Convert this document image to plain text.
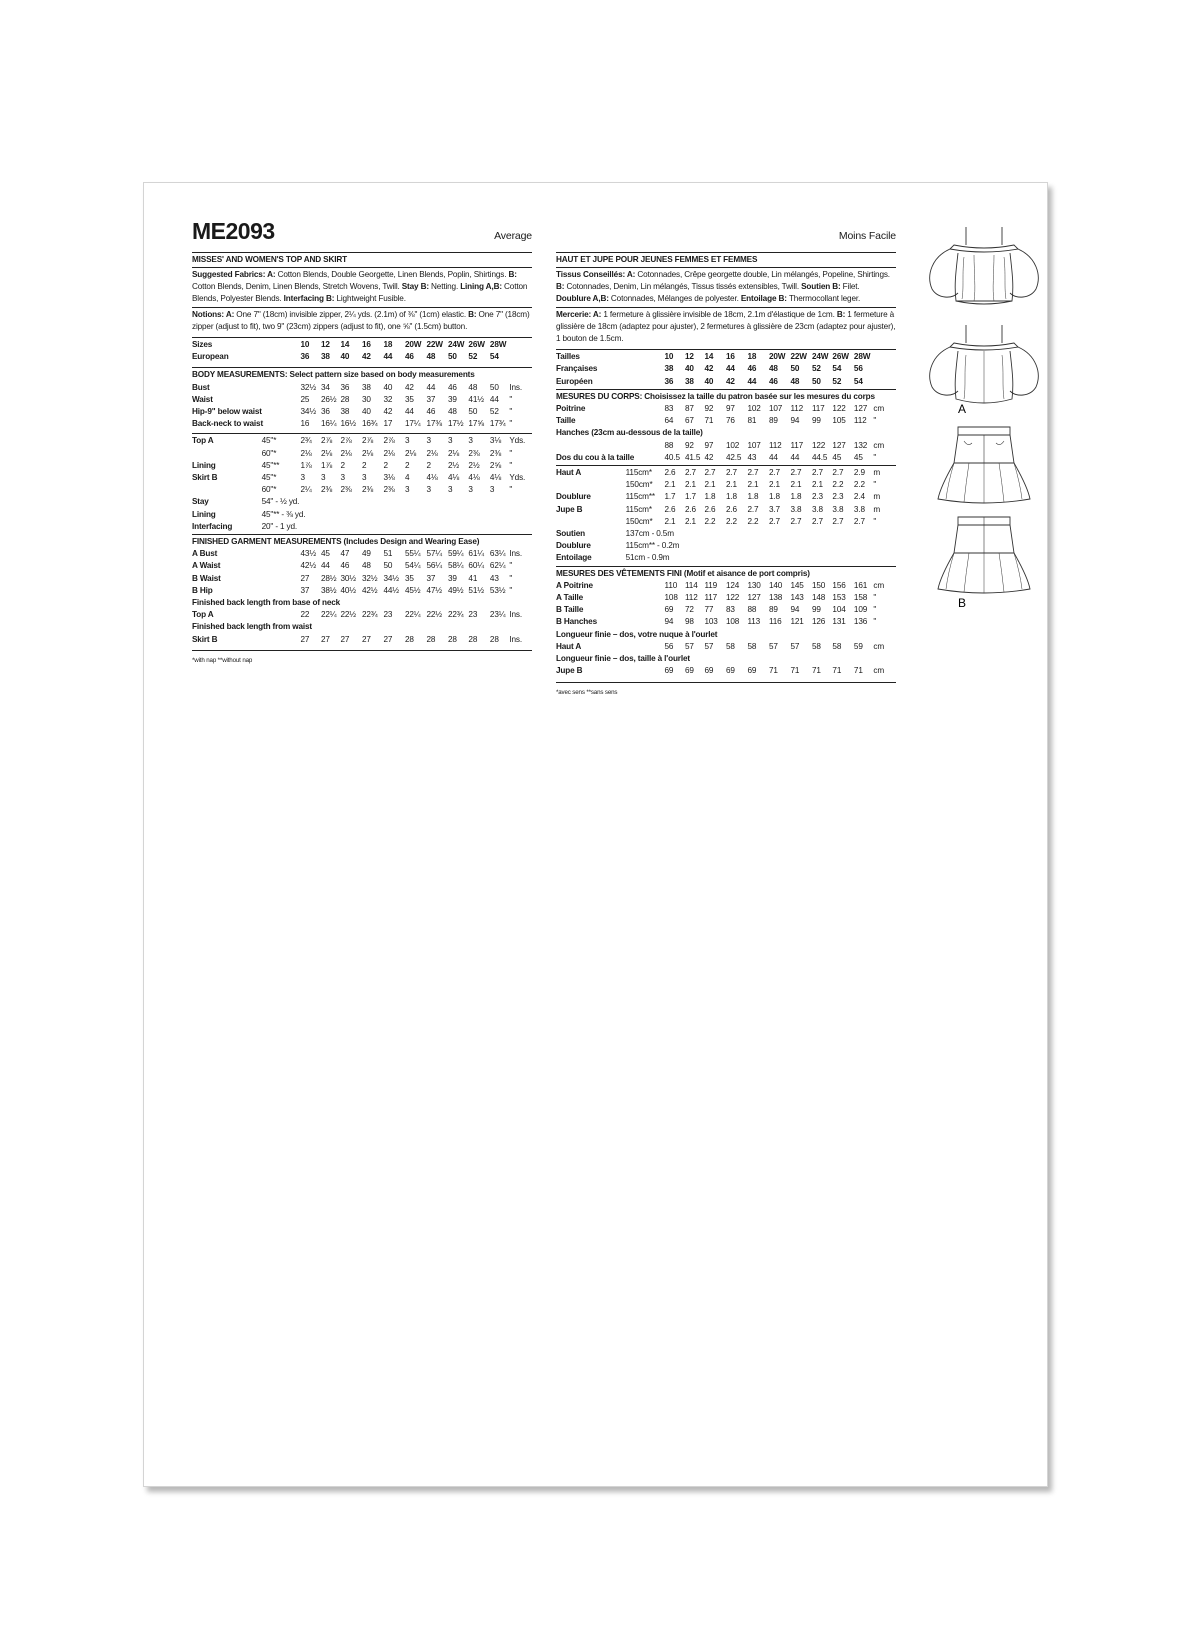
ME2093	Average
MISSES' AND WOMEN'S TOP AND SKIRT

Suggested Fabrics: A: Cotton Blends, Double Georgette, Linen Blends, Poplin, Shirtings. B: Cotton Blends, Denim, Linen Blends, Stretch Wovens, Twill. Stay B: Netting. Lining A,B: Cotton Blends, Polyester Blends. Interfacing B: Lightweight Fusible.

Notions: A: One 7" (18cm) invisible zipper, 2¼ yds. (2.1m) of ⅜" (1cm) elastic. B: One 7" (18cm) zipper (adjust to fit), two 9" (23cm) zippers (adjust to fit), one ⅝" (1.5cm) button.

Sizes		10	12	14	16	18	20W	22W	24W	26W	28W	
European		36	38	40	42	44	46	48	50	52	54	
BODY MEASUREMENTS: Select pattern size based on body measurements
Bust		32½	34	36	38	40	42	44	46	48	50	Ins.
Waist		25	26½	28	30	32	35	37	39	41½	44	"
Hip-9" below waist		34½	36	38	40	42	44	46	48	50	52	"
Back-neck to waist		16	16¼	16½	16¾	17	17¼	17⅜	17½	17⅝	17¾	"
Top A	45"*	2¾	2⅞	2⅞	2⅞	2⅞	3	3	3	3	3⅛	Yds.
	60"*	2⅛	2⅛	2⅛	2⅛	2⅛	2⅛	2⅛	2⅛	2⅜	2⅜	"
Lining	45"**	1⅞	1⅞	2	2	2	2	2	2½	2½	2⅝	"
Skirt B	45"*	3	3	3	3	3⅛	4	4⅛	4⅛	4⅛	4⅛	Yds.
	60"*	2¼	2⅜	2⅜	2⅜	2⅜	3	3	3	3	3	"
Stay	54" - ½ yd.											
Lining	45"** - ⅜ yd.											
Interfacing	20" - 1 yd.											
FINISHED GARMENT MEASUREMENTS (Includes Design and Wearing Ease)
A Bust		43½	45	47	49	51	55¼	57¼	59¼	61¼	63¼	Ins.
A Waist		42½	44	46	48	50	54¼	56¼	58¼	60¼	62¼	"
B Waist		27	28½	30½	32½	34½	35	37	39	41	43	"
B Hip		37	38½	40½	42½	44½	45½	47½	49½	51½	53½	"
Finished back length from base of neck
Top A		22	22¼	22½	22¾	23	22¼	22½	22¾	23	23¼	Ins.
Finished back length from waist
Skirt B		27	27	27	27	27	28	28	28	28	28	Ins.
*with nap **without nap
Moins Facile
HAUT ET JUPE POUR JEUNES FEMMES ET FEMMES

Tissus Conseillés: A: Cotonnades, Crêpe georgette double, Lin mélangés, Popeline, Shirtings. B: Cotonnades, Denim, Lin mélangés, Tissus tissés extensibles, Twill. Soutien B: Filet. Doublure A,B: Cotonnades, Mélanges de polyester. Entoilage B: Thermocollant leger.

Mercerie: A: 1 fermeture à glissière invisible de 18cm, 2.1m d'élastique de 1cm. B: 1 fermeture à glissière de 18cm (adaptez pour ajuster), 2 fermetures à glissière de 23cm (adaptez pour ajuster), 1 bouton de 1.5cm.

Tailles		10	12	14	16	18	20W	22W	24W	26W	28W	
Françaises		38	40	42	44	46	48	50	52	54	56	
Européen		36	38	40	42	44	46	48	50	52	54	
MESURES DU CORPS: Choisissez la taille du patron basée sur les mesures du corps
Poitrine		83	87	92	97	102	107	112	117	122	127	cm
Taille		64	67	71	76	81	89	94	99	105	112	"
Hanches (23cm au-dessous de la taille)												
		88	92	97	102	107	112	117	122	127	132	cm
Dos du cou à la taille		40.5	41.5	42	42.5	43	44	44	44.5	45	45	"
Haut A	115cm*	2.6	2.7	2.7	2.7	2.7	2.7	2.7	2.7	2.7	2.9	m
	150cm*	2.1	2.1	2.1	2.1	2.1	2.1	2.1	2.1	2.2	2.2	"
Doublure	115cm**	1.7	1.7	1.8	1.8	1.8	1.8	1.8	2.3	2.3	2.4	m
Jupe B	115cm*	2.6	2.6	2.6	2.6	2.7	3.7	3.8	3.8	3.8	3.8	m
	150cm*	2.1	2.1	2.2	2.2	2.2	2.7	2.7	2.7	2.7	2.7	"
Soutien	137cm - 0.5m											
Doublure	115cm** - 0.2m											
Entoilage	51cm - 0.9m											
MESURES DES VÊTEMENTS FINI (Motif et aisance de port compris)
A Poitrine		110	114	119	124	130	140	145	150	156	161	cm
A Taille		108	112	117	122	127	138	143	148	153	158	"
B Taille		69	72	77	83	88	89	94	99	104	109	"
B Hanches		94	98	103	108	113	116	121	126	131	136	"
Longueur finie – dos, votre nuque à l'ourlet
Haut A		56	57	57	58	58	57	57	58	58	59	cm
Longueur finie – dos, taille à l'ourlet
Jupe B		69	69	69	69	69	71	71	71	71	71	cm
*avec sens **sans sens
A
B
